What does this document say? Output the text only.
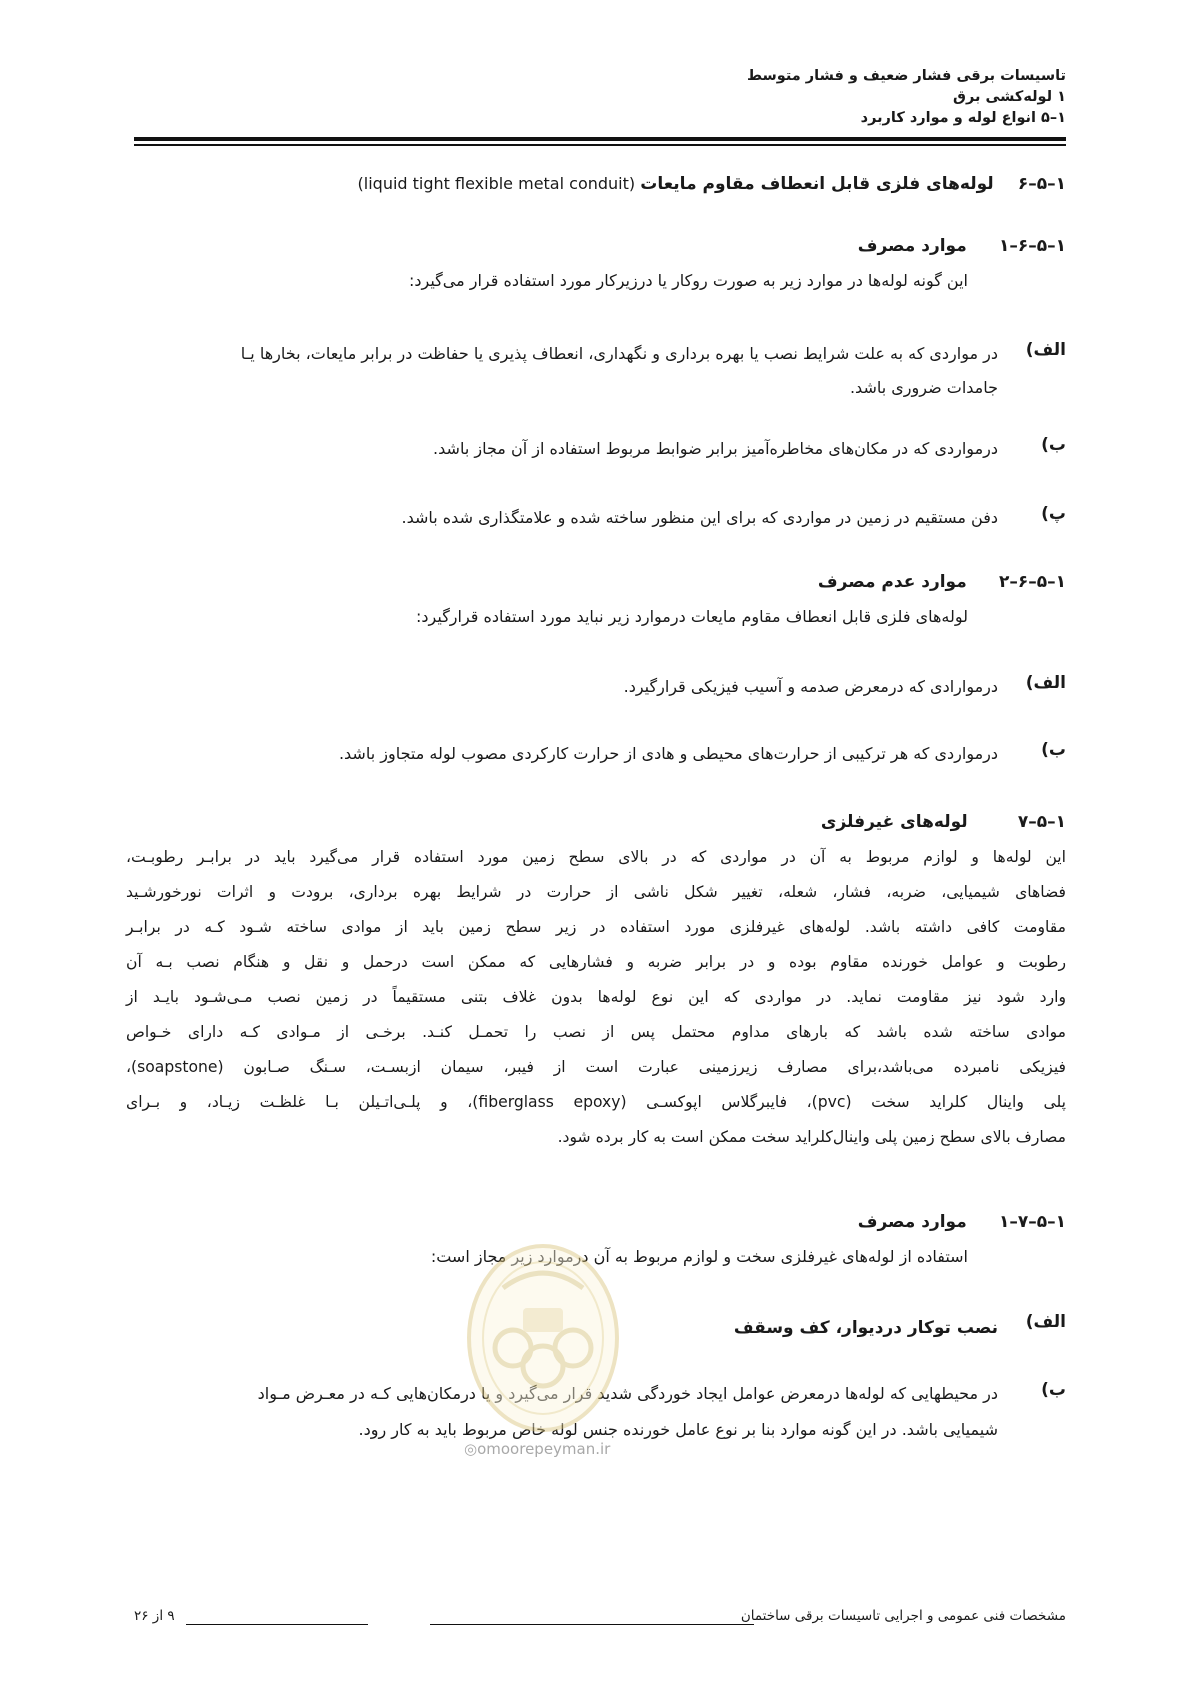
تاسیسات برقی فشار ضعیف و فشار متوسط
۱ لوله‌کشی برق
۱–۵ انواع لوله و موارد کاربرد
۱–۵–۶  لوله‌های فلزی قابل انعطاف مقاوم مایعات (liquid tight flexible metal conduit)
۱–۵–۶–۱  موارد مصرف
این گونه لوله‌ها در موارد زیر به صورت روکار یا درزیرکار مورد استفاده قرار می‌گیرد:
الف)
در مواردی که به علت شرایط نصب یا بهره برداری و نگهداری، انعطاف پذیری یا حفاظت در برابر مایعات، بخارها یـا
جامدات ضروری باشد.
ب)
درمواردی که در مکان‌های مخاطره‌آمیز برابر ضوابط مربوط استفاده از آن مجاز باشد.
پ)
دفن مستقیم در زمین در مواردی که برای این منظور ساخته شده و علامتگذاری شده باشد.
۱–۵–۶–۲  موارد عدم مصرف
لوله‌های فلزی قابل انعطاف مقاوم مایعات درموارد زیر نباید مورد استفاده قرارگیرد:
الف)
درموارادی که درمعرض صدمه و آسیب فیزیکی قرارگیرد.
ب)
درمواردی که هر ترکیبی از حرارت‌های محیطی و هادی از حرارت کارکردی مصوب لوله متجاوز باشد.
۱–۵–۷  لوله‌های غیرفلزی

این لوله‌ها و لوازم مربوط به آن در مواردی که در بالای سطح زمین مورد استفاده قرار می‌گیرد باید در برابـر رطوبـت،

فضاهای شیمیایی، ضربه، فشار، شعله، تغییر شکل ناشی از حرارت در شرایط بهره برداری، برودت و اثرات نورخورشـید

مقاومت کافی داشته باشد. لوله‌های غیرفلزی مورد استفاده در زیر سطح زمین باید از موادی ساخته شـود کـه در برابـر

رطوبت و عوامل خورنده مقاوم بوده و در برابر ضربه و فشارهایی که ممکن است درحمل و نقل و هنگام نصب بـه آن

وارد شود نیز مقاومت نماید. در مواردی که این نوع لوله‌ها بدون غلاف بتنی مستقیماً در زمین نصب مـی‌شـود بایـد از

موادی ساخته شده باشد که بارهای مداوم محتمل پس از نصب را تحمـل کنـد. برخـی از مـوادی کـه دارای خـواص

فیزیکی نامبرده می‌باشد،برای مصارف زیرزمینی عبارت است از فیبر، سیمان ازبسـت، سـنگ صـابون (soapstone)،

پلی وایناﻝ کلراید سخت (pvc)، فایبرگلاس اپوکسـی (fiberglass epoxy)، و پلـی‌اتـیلن بـا غلظـت زیـاد، و بـرای

مصارف بالای سطح زمین پلی وایناﻝ‌کلراید سخت ممکن است به کار برده شود.

۱–۵–۷–۱  موارد مصرف
استفاده از لوله‌های غیرفلزی سخت و لوازم مربوط به آن درموارد زیر مجاز است:
الف)
نصب توکار درديوار، کف وسقف
ب)
در محیطهایی که لوله‌ها درمعرض عوامل ایجاد خوردگی شدید قرار می‌گیرد و یا درمکان‌هایی کـه در معـرض مـواد
شیمیایی باشد. در این گونه موارد بنا بر نوع عامل خورنده جنس لوله خاص مربوط باید به کار رود.
◎omoorepeyman.ir
مشخصات فنی عمومی و اجرایی تاسیسات برقی ساختمان
۹ از ۲۶
